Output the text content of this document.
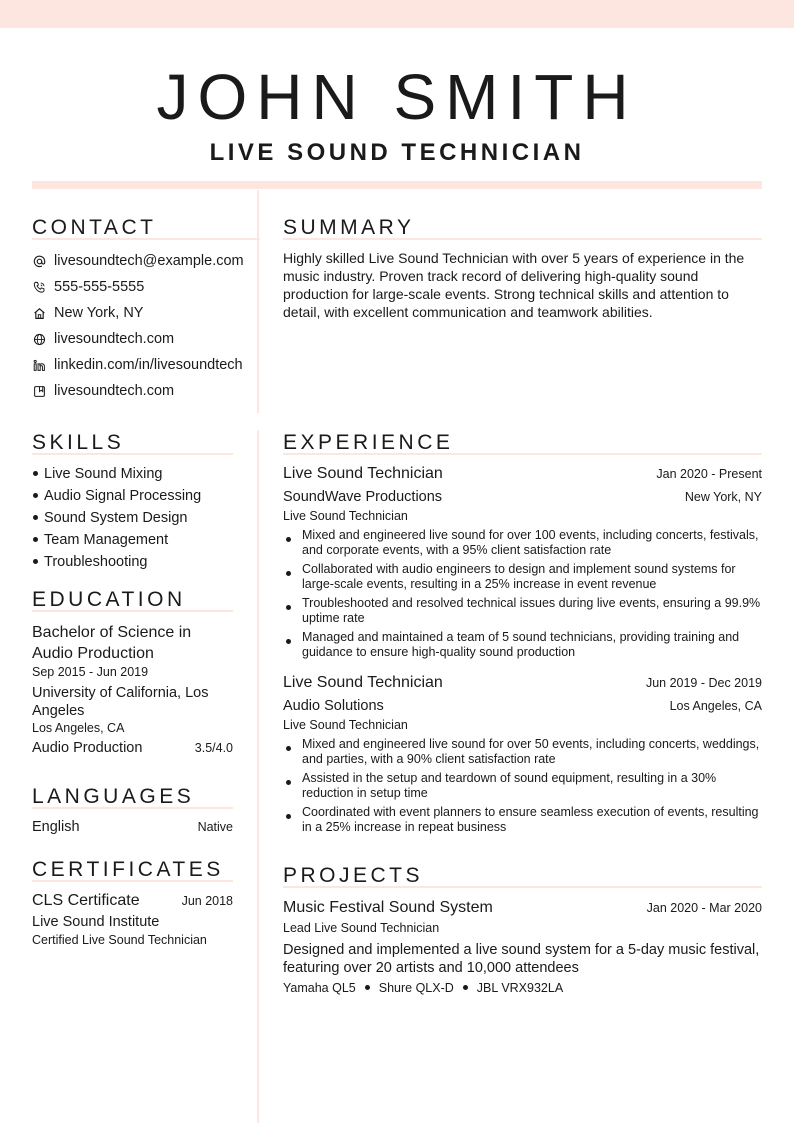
JOHN SMITH
LIVE SOUND TECHNICIAN
CONTACT
livesoundtech@example.com
555-555-5555
New York, NY
livesoundtech.com
linkedin.com/in/livesoundtech
livesoundtech.com
SUMMARY

Highly skilled Live Sound Technician with over 5 years of experience in the music industry. Proven track record of delivering high-quality sound production for large-scale events. Strong technical skills and attention to detail, with excellent communication and teamwork abilities.

SKILLS
Live Sound Mixing
Audio Signal Processing
Sound System Design
Team Management
Troubleshooting
EDUCATION
Bachelor of Science in Audio Production
Sep 2015 - Jun 2019
University of California, Los Angeles
Los Angeles, CA
Audio Production	3.5/4.0
LANGUAGES
English	Native
CERTIFICATES
CLS Certificate	Jun 2018
Live Sound Institute
Certified Live Sound Technician
EXPERIENCE
Live Sound Technician	Jan 2020 - Present
SoundWave Productions	New York, NY
Live Sound Technician
Mixed and engineered live sound for over 100 events, including concerts, festivals, and corporate events, with a 95% client satisfaction rate
Collaborated with audio engineers to design and implement sound systems for large-scale events, resulting in a 25% increase in event revenue
Troubleshooted and resolved technical issues during live events, ensuring a 99.9% uptime rate
Managed and maintained a team of 5 sound technicians, providing training and guidance to ensure high-quality sound production
Live Sound Technician	Jun 2019 - Dec 2019
Audio Solutions	Los Angeles, CA
Live Sound Technician
Mixed and engineered live sound for over 50 events, including concerts, weddings, and parties, with a 90% client satisfaction rate
Assisted in the setup and teardown of sound equipment, resulting in a 30% reduction in setup time
Coordinated with event planners to ensure seamless execution of events, resulting in a 25% increase in repeat business
PROJECTS
Music Festival Sound System	Jan 2020 - Mar 2020
Lead Live Sound Technician
Designed and implemented a live sound system for a 5-day music festival, featuring over 20 artists and 10,000 attendees
Yamaha QL5 Shure QLX-D JBL VRX932LA
